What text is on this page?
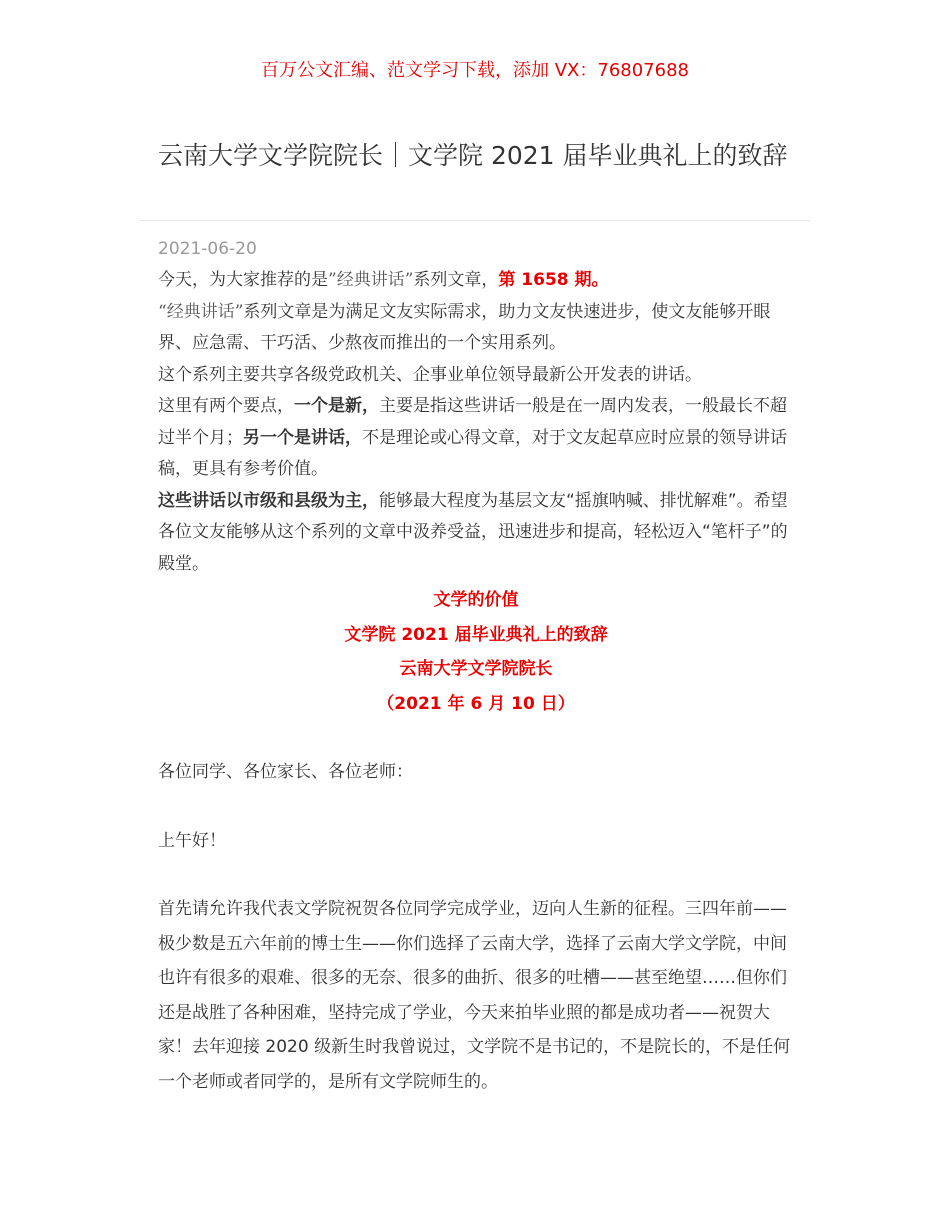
百万公文汇编、范文学习下载，添加 VX：76807688
云南大学文学院院长｜文学院 2021 届毕业典礼上的致辞
2021-06-20

今天，为大家推荐的是”经典讲话”系列文章，第 1658 期。

“经典讲话”系列文章是为满足文友实际需求，助力文友快速进步，使文友能够开眼界、应急需、干巧活、少熬夜而推出的一个实用系列。

这个系列主要共享各级党政机关、企事业单位领导最新公开发表的讲话。

这里有两个要点，一个是新，主要是指这些讲话一般是在一周内发表，一般最长不超过半个月；另一个是讲话，不是理论或心得文章，对于文友起草应时应景的领导讲话稿，更具有参考价值。

这些讲话以市级和县级为主，能够最大程度为基层文友“摇旗呐喊、排忧解难”。希望各位文友能够从这个系列的文章中汲养受益，迅速进步和提高，轻松迈入“笔杆子”的殿堂。

文学的价值
文学院 2021 届毕业典礼上的致辞
云南大学文学院院长
（2021 年 6 月 10 日）

各位同学、各位家长、各位老师：

上午好！

首先请允许我代表文学院祝贺各位同学完成学业，迈向人生新的征程。三四年前——极少数是五六年前的博士生——你们选择了云南大学，选择了云南大学文学院，中间也许有很多的艰难、很多的无奈、很多的曲折、很多的吐槽——甚至绝望……但你们还是战胜了各种困难，坚持完成了学业，今天来拍毕业照的都是成功者——祝贺大家！去年迎接 2020 级新生时我曾说过，文学院不是书记的，不是院长的，不是任何一个老师或者同学的，是所有文学院师生的。
